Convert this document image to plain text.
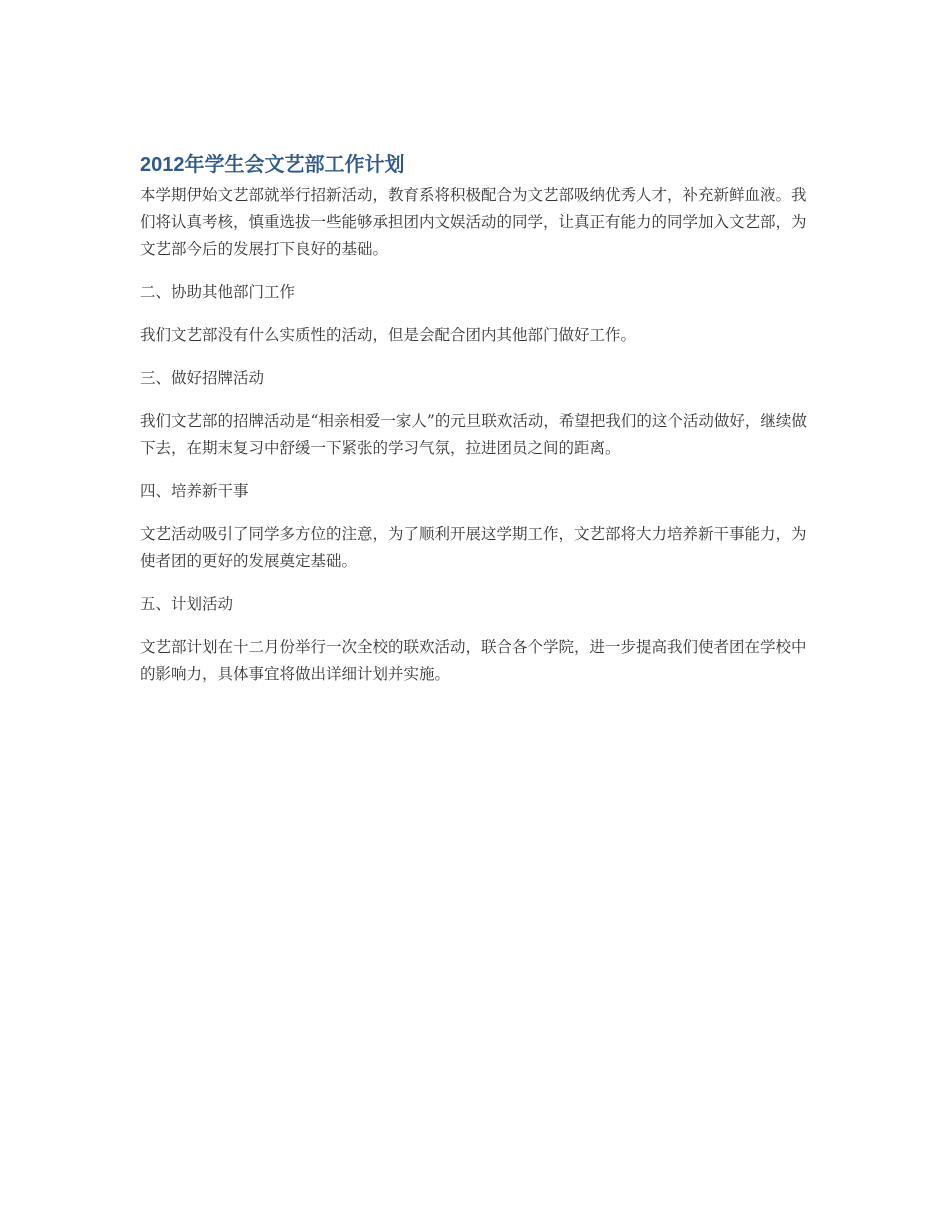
2012年学生会文艺部工作计划

本学期伊始文艺部就举行招新活动，教育系将积极配合为文艺部吸纳优秀人才，补充新鲜血液。我们将认真考核，慎重选拔一些能够承担团内文娱活动的同学，让真正有能力的同学加入文艺部，为文艺部今后的发展打下良好的基础。

二、协助其他部门工作

我们文艺部没有什么实质性的活动，但是会配合团内其他部门做好工作。

三、做好招牌活动

我们文艺部的招牌活动是“相亲相爱一家人”的元旦联欢活动，希望把我们的这个活动做好，继续做下去，在期末复习中舒缓一下紧张的学习气氛，拉进团员之间的距离。

四、培养新干事

文艺活动吸引了同学多方位的注意，为了顺利开展这学期工作，文艺部将大力培养新干事能力，为使者团的更好的发展奠定基础。

五、计划活动

文艺部计划在十二月份举行一次全校的联欢活动，联合各个学院，进一步提高我们使者团在学校中的影响力，具体事宜将做出详细计划并实施。
